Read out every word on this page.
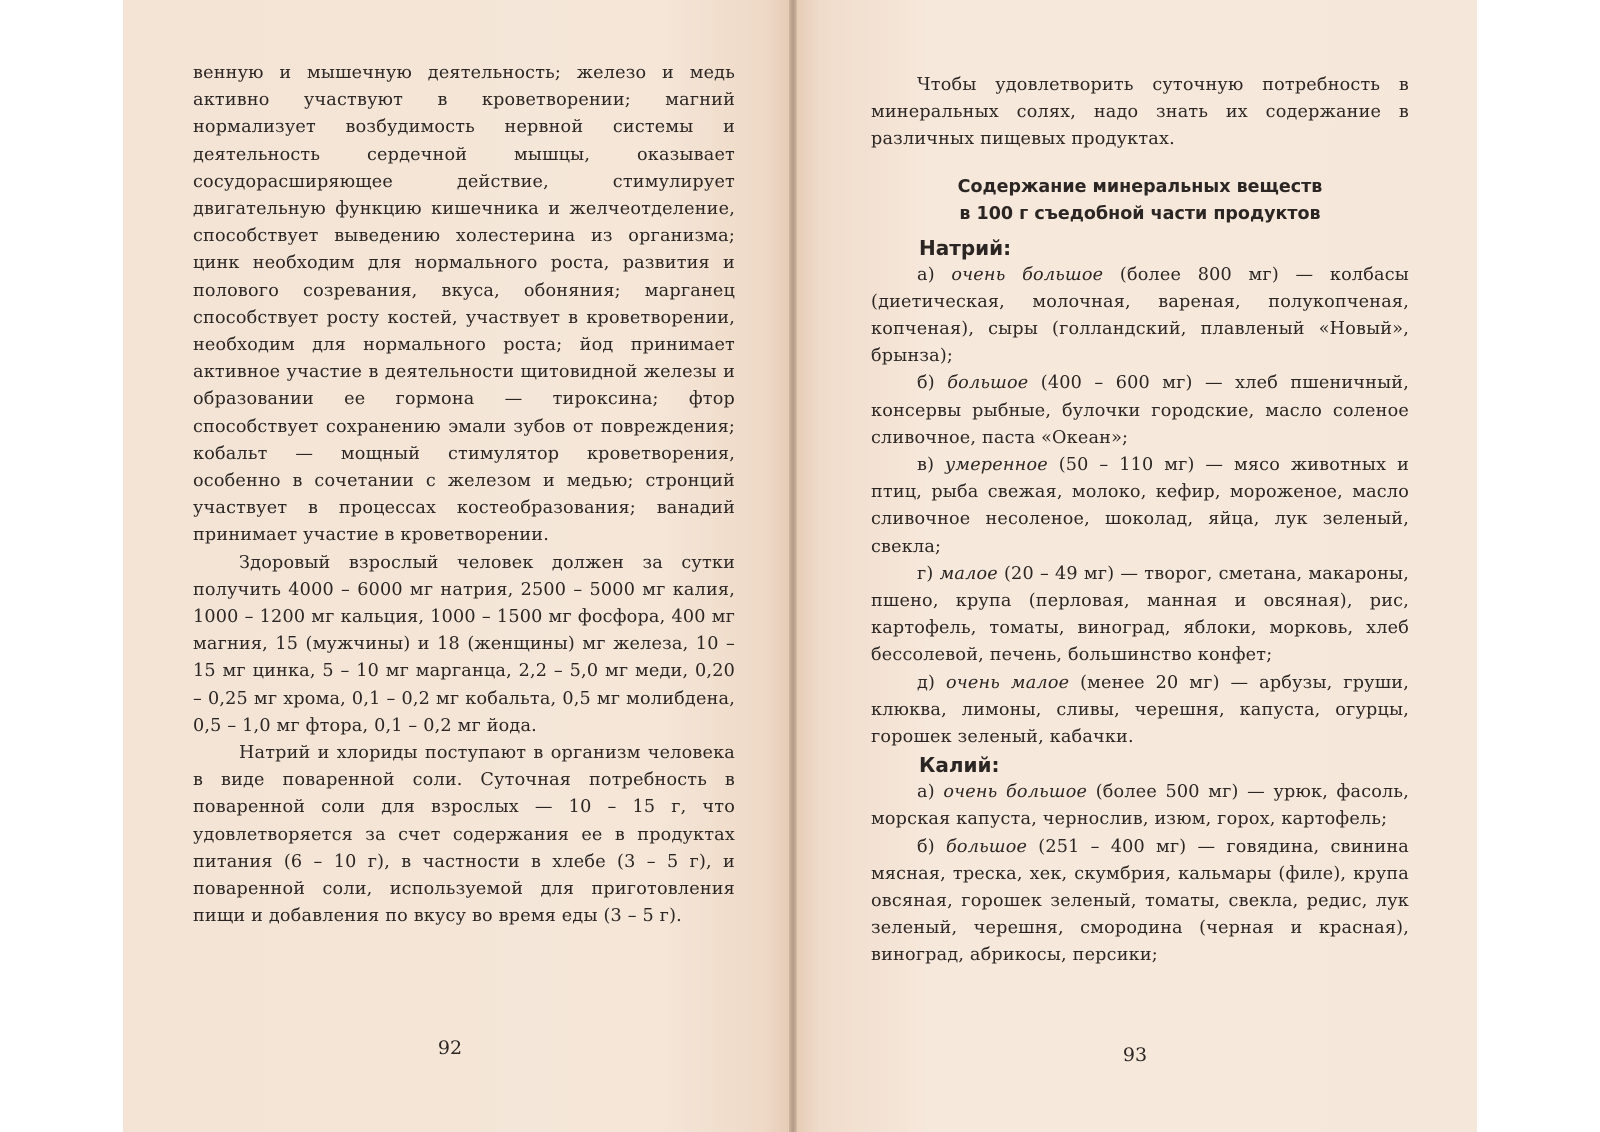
венную и мышечную деятельность; железо и медь активно участвуют в кроветворении; магний нормализует возбудимость нервной системы и деятельность сердечной мышцы, оказывает сосудорасширяющее действие, стимулирует двигательную функцию кишечника и желчеотделение, способствует выведению холестерина из организма; цинк необходим для нормального роста, развития и полового созревания, вкуса, обоняния; марганец способствует росту костей, участвует в кроветворении, необходим для нормального роста; йод принимает активное участие в деятельности щитовидной железы и образовании ее гормона — тироксина; фтор способствует сохранению эмали зубов от повреждения; кобальт — мощный стимулятор кроветворения, особенно в сочетании с железом и медью; стронций участвует в процессах костеобразования; ванадий принимает участие в кроветворении.

Здоровый взрослый человек должен за сутки получить 4000 – 6000 мг натрия, 2500 – 5000 мг калия, 1000 – 1200 мг кальция, 1000 – 1500 мг фосфора, 400 мг магния, 15 (мужчины) и 18 (женщины) мг железа, 10 – 15 мг цинка, 5 – 10 мг марганца, 2,2 – 5,0 мг меди, 0,20 – 0,25 мг хрома, 0,1 – 0,2 мг кобальта, 0,5 мг молибдена, 0,5 – 1,0 мг фтора, 0,1 – 0,2 мг йода.

Натрий и хлориды поступают в организм человека в виде поваренной соли. Суточная потребность в поваренной соли для взрослых — 10 – 15 г, что удовлетворяется за счет содержания ее в продуктах питания (6 – 10 г), в частности в хлебе (3 – 5 г), и поваренной соли, используемой для приготовления пищи и добавления по вкусу во время еды (3 – 5 г).

92

Чтобы удовлетворить суточную потребность в минеральных солях, надо знать их содержание в различных пищевых продуктах.

Содержание минеральных веществ
в 100 г съедобной части продуктов
Натрий:

а) очень большое (более 800 мг) — колбасы (диетическая, молочная, вареная, полукопченая, копченая), сыры (голландский, плавленый «Новый», брынза);

б) большое (400 – 600 мг) — хлеб пшеничный, консервы рыбные, булочки городские, масло соленое сливочное, паста «Океан»;

в) умеренное (50 – 110 мг) — мясо животных и птиц, рыба свежая, молоко, кефир, мороженое, масло сливочное несоленое, шоколад, яйца, лук зеленый, свекла;

г) малое (20 – 49 мг) — творог, сметана, макароны, пшено, крупа (перловая, манная и овсяная), рис, картофель, томаты, виноград, яблоки, морковь, хлеб бессолевой, печень, большинство конфет;

д) очень малое (менее 20 мг) — арбузы, груши, клюква, лимоны, сливы, черешня, капуста, огурцы, горошек зеленый, кабачки.

Калий:

а) очень большое (более 500 мг) — урюк, фасоль, морская капуста, чернослив, изюм, горох, картофель;

б) большое (251 – 400 мг) — говядина, свинина мясная, треска, хек, скумбрия, кальмары (филе), крупа овсяная, горошек зеленый, томаты, свекла, редис, лук зеленый, черешня, смородина (черная и красная), виноград, абрикосы, персики;

93
